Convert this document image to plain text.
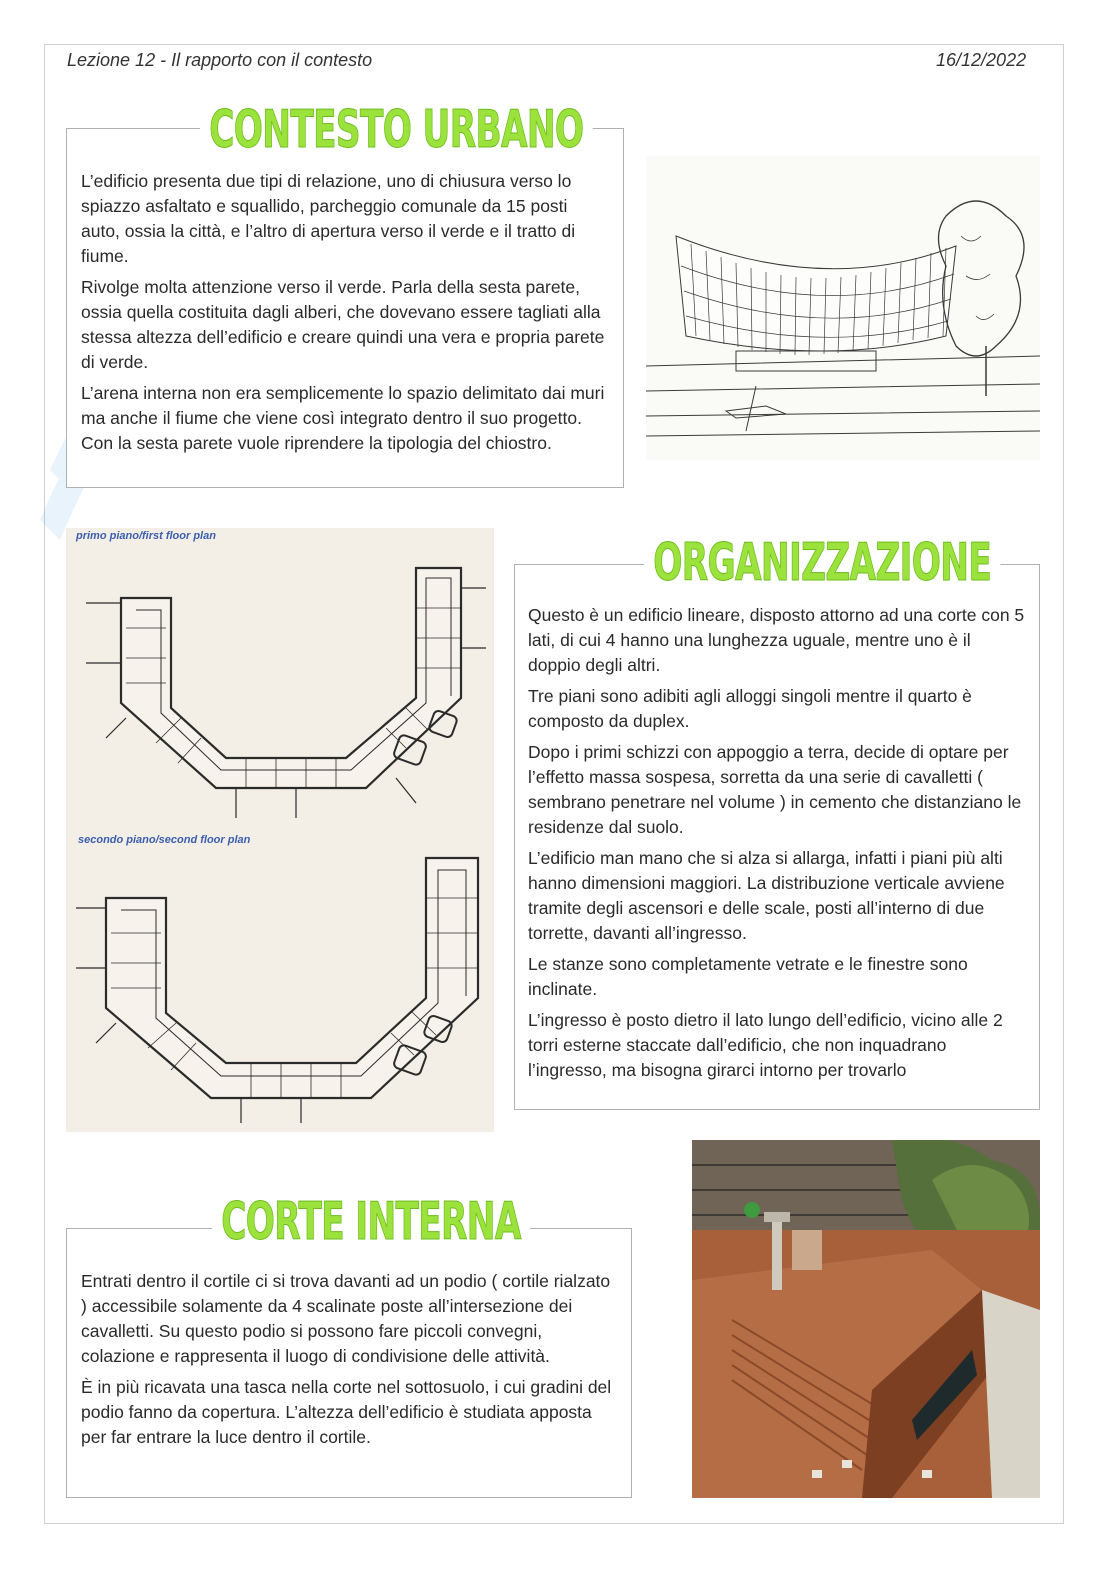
Lezione 12 - Il rapporto con il contesto	16/12/2022

L’edificio presenta due tipi di relazione, uno di chiusura verso lo spiazzo asfaltato e squallido, parcheggio comunale da 15 posti auto, ossia la città, e l’altro di apertura verso il verde e il tratto di fiume.

Rivolge molta attenzione verso il verde. Parla della sesta parete, ossia quella costituita dagli alberi, che dovevano essere tagliati alla stessa altezza dell’edificio e creare quindi una vera e propria parete di verde.

L’arena interna non era semplicemente lo spazio delimitato dai muri ma anche il fiume che viene così integrato dentro il suo progetto. Con la sesta parete vuole riprendere la tipologia del chiostro.

CONTESTO URBANO
primo piano/first floor plan
secondo piano/second floor plan

Questo è un edificio lineare, disposto attorno ad una corte con 5 lati, di cui 4 hanno una lunghezza uguale, mentre uno è il doppio degli altri.

Tre piani sono adibiti agli alloggi singoli mentre il quarto è composto da duplex.

Dopo i primi schizzi con appoggio a terra, decide di optare per l’effetto massa sospesa, sorretta da una serie di cavalletti ( sembrano penetrare nel volume ) in cemento che distanziano le residenze dal suolo.

L’edificio man mano che si alza si allarga, infatti i piani più alti hanno dimensioni maggiori. La distribuzione verticale avviene tramite degli ascensori e delle scale, posti all’interno di due torrette, davanti all’ingresso.

Le stanze sono completamente vetrate e le finestre sono inclinate.

L’ingresso è posto dietro il lato lungo dell’edificio, vicino alle 2 torri esterne staccate dall’edificio, che non inquadrano l’ingresso, ma bisogna girarci intorno per trovarlo

ORGANIZZAZIONE

Entrati dentro il cortile ci si trova davanti ad un podio ( cortile rialzato ) accessibile solamente da 4 scalinate poste all’intersezione dei cavalletti. Su questo podio si possono fare piccoli convegni, colazione e rappresenta il luogo di condivisione delle attività.

È in più ricavata una tasca nella corte nel sottosuolo, i cui gradini del podio fanno da copertura. L’altezza dell’edificio è studiata apposta per far entrare la luce dentro il cortile.

CORTE INTERNA
